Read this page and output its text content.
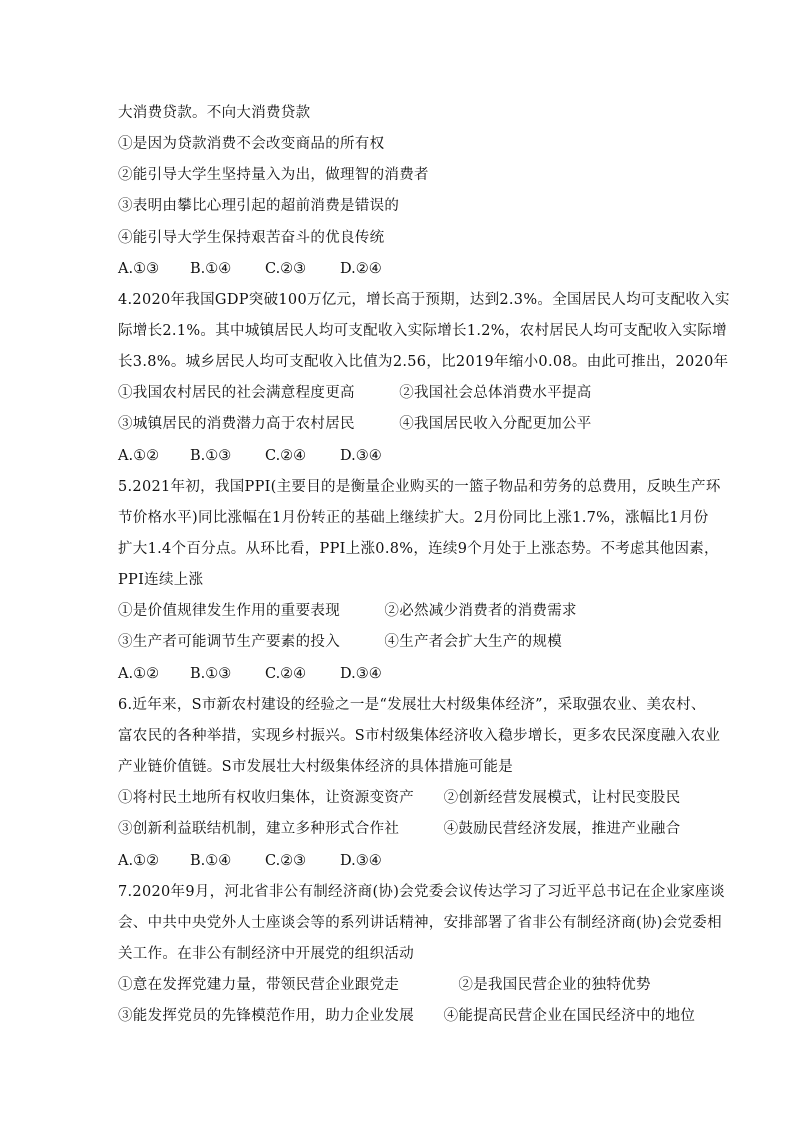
大消费贷款。不向大消费贷款
①是因为贷款消费不会改变商品的所有权
②能引导大学生坚持量入为出，做理智的消费者
③表明由攀比心理引起的超前消费是错误的
④能引导大学生保持艰苦奋斗的优良传统
A.①③ B.①④ C.②③ D.②④
4.2020年我国GDP突破100万亿元，增长高于预期，达到2.3%。全国居民人均可支配收入实
际增长2.1%。其中城镇居民人均可支配收入实际增长1.2%，农村居民人均可支配收入实际增
长3.8%。城乡居民人均可支配收入比值为2.56，比2019年缩小0.08。由此可推出，2020年
①我国农村居民的社会满意程度更高　　　②我国社会总体消费水平提高
③城镇居民的消费潜力高于农村居民　　　④我国居民收入分配更加公平
A.①② B.①③ C.②④ D.③④
5.2021年初，我国PPI(主要目的是衡量企业购买的一篮子物品和劳务的总费用，反映生产环
节价格水平)同比涨幅在1月份转正的基础上继续扩大。2月份同比上涨1.7%，涨幅比1月份
扩大1.4个百分点。从环比看，PPI上涨0.8%，连续9个月处于上涨态势。不考虑其他因素，
PPI连续上涨
①是价值规律发生作用的重要表现　　　②必然减少消费者的消费需求
③生产者可能调节生产要素的投入　　　④生产者会扩大生产的规模
A.①② B.①③ C.②④ D.③④
6.近年来，S市新农村建设的经验之一是“发展壮大村级集体经济”，采取强农业、美农村、
富农民的各种举措，实现乡村振兴。S市村级集体经济收入稳步增长，更多农民深度融入农业
产业链价值链。S市发展壮大村级集体经济的具体措施可能是
①将村民土地所有权收归集体，让资源变资产　　②创新经营发展模式，让村民变股民
③创新利益联结机制，建立多种形式合作社　　　④鼓励民营经济发展，推进产业融合
A.①② B.①④ C.②③ D.③④
7.2020年9月，河北省非公有制经济商(协)会党委会议传达学习了习近平总书记在企业家座谈
会、中共中央党外人士座谈会等的系列讲话精神，安排部署了省非公有制经济商(协)会党委相
关工作。在非公有制经济中开展党的组织活动
①意在发挥党建力量，带领民营企业跟党走　　　　②是我国民营企业的独特优势
③能发挥党员的先锋模范作用，助力企业发展　　④能提高民营企业在国民经济中的地位
